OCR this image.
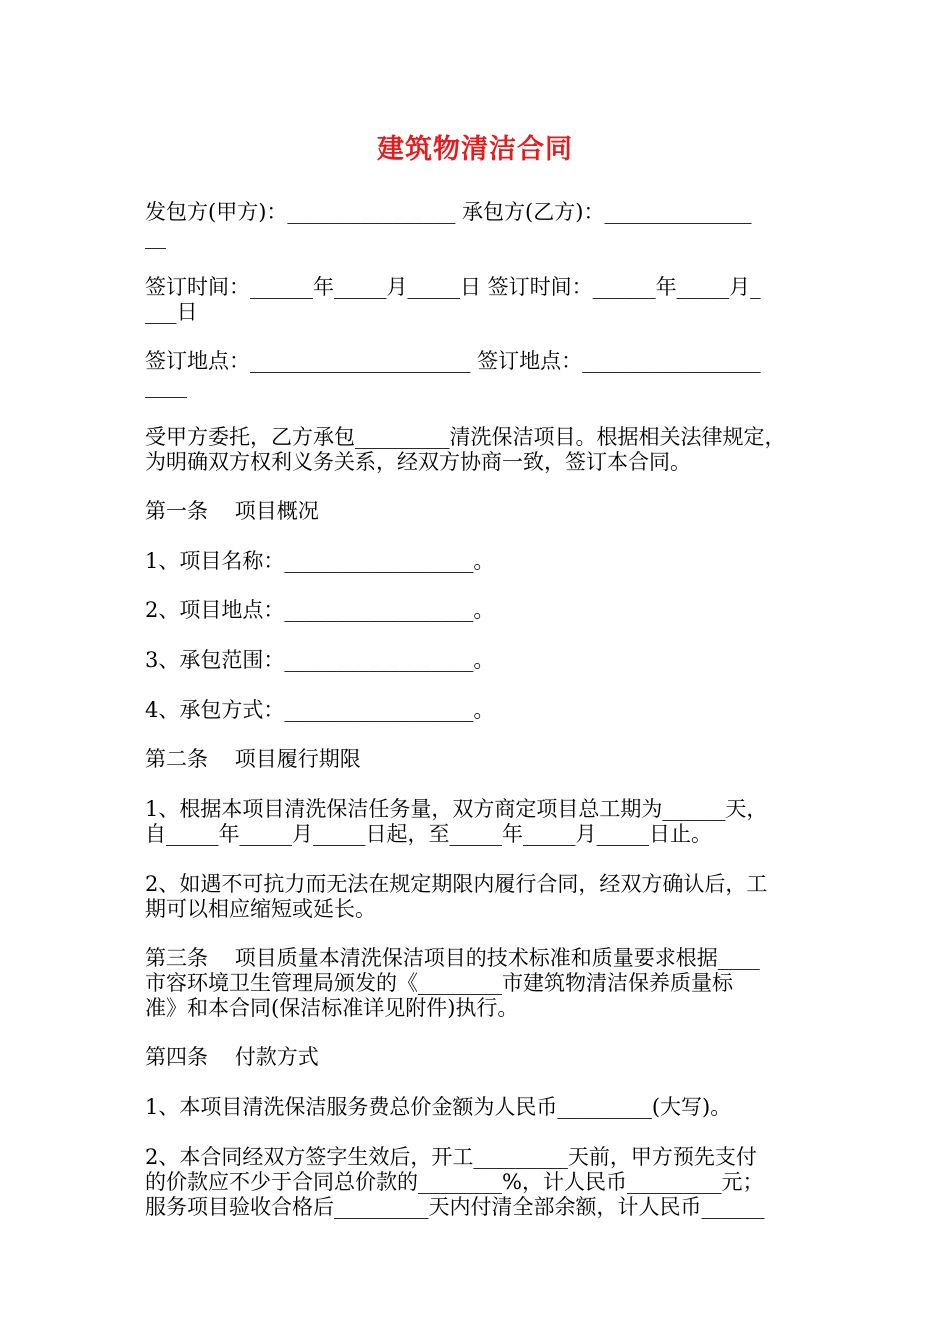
建筑物清洁合同
发包方(甲方)：________________ 承包方(乙方)：______________
__
签订时间：______年_____月_____日 签订时间：______年_____月_
___日
签订地点：_____________________ 签订地点：_________________
____
受甲方委托，乙方承包_________清洗保洁项目。根据相关法律规定，
为明确双方权利义务关系，经双方协商一致，签订本合同。
第一条    项目概况
1、项目名称：__________________。
2、项目地点：__________________。
3、承包范围：__________________。
4、承包方式：__________________。
第二条    项目履行期限
1、根据本项目清洗保洁任务量，双方商定项目总工期为______天，
自_____年_____月_____日起，至_____年_____月_____日止。
2、如遇不可抗力而无法在规定期限内履行合同，经双方确认后，工
期可以相应缩短或延长。
第三条    项目质量本清洗保洁项目的技术标准和质量要求根据____
市容环境卫生管理局颁发的《________市建筑物清洁保养质量标
准》和本合同(保洁标准详见附件)执行。
第四条    付款方式
1、本项目清洗保洁服务费总价金额为人民币_________(大写)。
2、本合同经双方签字生效后，开工_________天前，甲方预先支付
的价款应不少于合同总价款的________%，计人民币_________元；
服务项目验收合格后_________天内付清全部余额，计人民币______
